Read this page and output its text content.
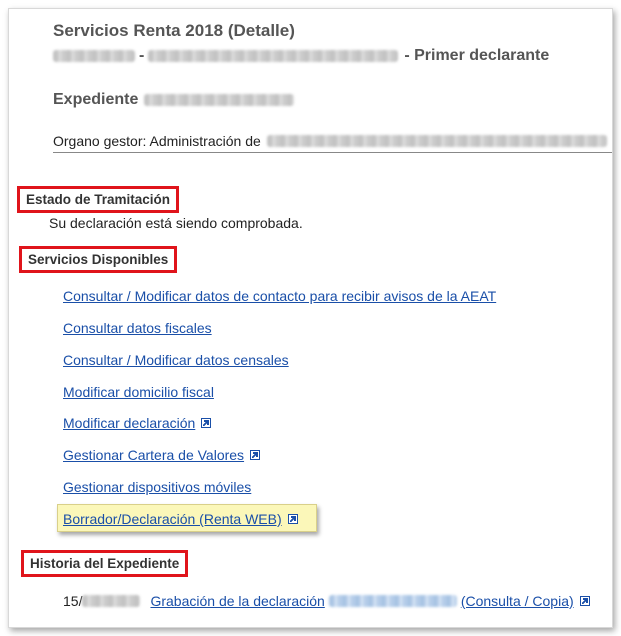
Servicios Renta 2018 (Detalle)
-	- Primer declarante
Expediente
Organo gestor: Administración de
Estado de Tramitación
Su declaración está siendo comprobada.
Servicios Disponibles
Consultar / Modificar datos de contacto para recibir avisos de la AEAT
Consultar datos fiscales
Consultar / Modificar datos censales
Modificar domicilio fiscal
Modificar declaración
Gestionar Cartera de Valores
Gestionar dispositivos móviles
Borrador/Declaración (Renta WEB)
Historia del Expediente
15/	Grabación de la declaración	(Consulta / Copia)
